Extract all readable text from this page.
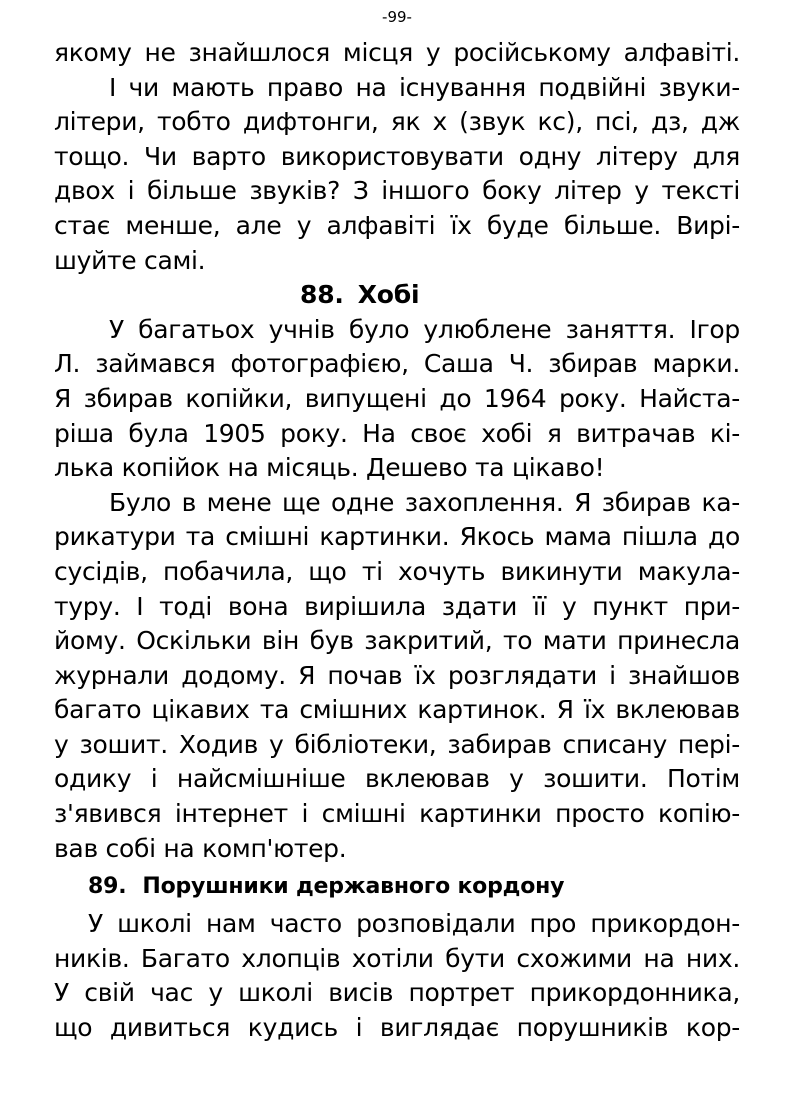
-99-
якому не знайшлося місця у російському алфавіті.
І чи мають право на існування подвійні звуки-
літери, тобто дифтонги, як х (звук кс), псі, дз, дж
тощо. Чи варто використовувати одну літеру для
двох і більше звуків? З іншого боку літер у тексті
стає менше, але у алфавіті їх буде більше. Вирі-
шуйте самі.
88. Хобі
У багатьох учнів було улюблене заняття. Ігор
Л. займався фотографією, Саша Ч. збирав марки.
Я збирав копійки, випущені до 1964 року. Найста-
ріша була 1905 року. На своє хобі я витрачав кі-
лька копійок на місяць. Дешево та цікаво!
Було в мене ще одне захоплення. Я збирав ка-
рикатури та смішні картинки. Якось мама пішла до
сусідів, побачила, що ті хочуть викинути макула-
туру. І тоді вона вирішила здати її у пункт при-
йому. Оскільки він був закритий, то мати принесла
журнали додому. Я почав їх розглядати і знайшов
багато цікавих та смішних картинок. Я їх вклеював
у зошит. Ходив у бібліотеки, забирав списану пері-
одику і найсмішніше вклеював у зошити. Потім
з'явився інтернет і смішні картинки просто копію-
вав собі на комп'ютер.
89. Порушники державного кордону
У школі нам часто розповідали про прикордон-
ників. Багато хлопців хотіли бути схожими на них.
У свій час у школі висів портрет прикордонника,
що дивиться кудись і виглядає порушників кор-
